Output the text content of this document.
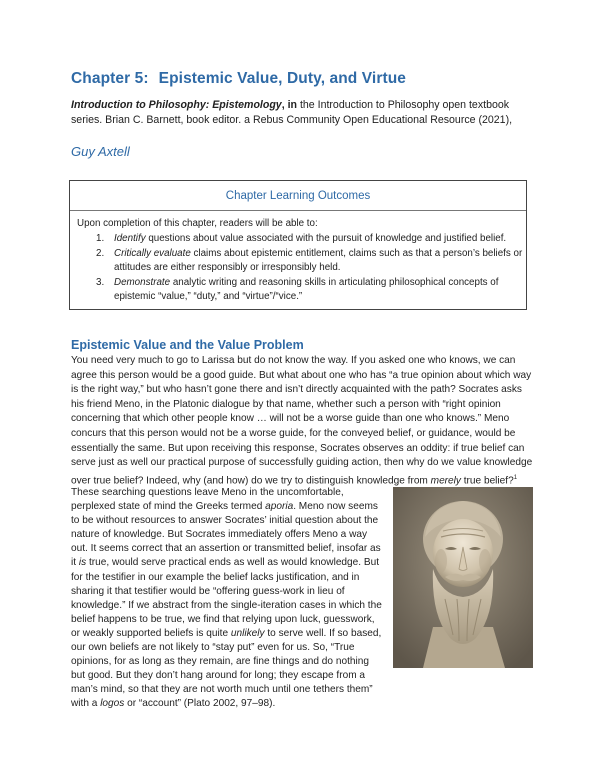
Chapter 5: Epistemic Value, Duty, and Virtue
Introduction to Philosophy: Epistemology, in the Introduction to Philosophy open textbook series. Brian C. Barnett, book editor. a Rebus Community Open Educational Resource (2021),
Guy Axtell
Chapter Learning Outcomes
Upon completion of this chapter, readers will be able to:
1.	Identify questions about value associated with the pursuit of knowledge and justified belief.
2.	Critically evaluate claims about epistemic entitlement, claims such as that a person’s beliefs or attitudes are either responsibly or irresponsibly held.
3.	Demonstrate analytic writing and reasoning skills in articulating philosophical concepts of epistemic “value,” “duty,” and “virtue”/“vice.”
Epistemic Value and the Value Problem
You need very much to go to Larissa but do not know the way. If you asked one who knows, we can agree this person would be a good guide. But what about one who has “a true opinion about which way is the right way,” but who hasn’t gone there and isn’t directly acquainted with the path? Socrates asks his friend Meno, in the Platonic dialogue by that name, whether such a person with “right opinion concerning that which other people know … will not be a worse guide than one who knows.” Meno concurs that this person would not be a worse guide, for the conveyed belief, or guidance, would be essentially the same. But upon receiving this response, Socrates observes an oddity: if true belief can serve just as well our practical purpose of successfully guiding action, then why do we value knowledge over true belief? Indeed, why (and how) do we try to distinguish knowledge from merely true belief?$^1$
These searching questions leave Meno in the uncomfortable, perplexed state of mind the Greeks termed aporia. Meno now seems to be without resources to answer Socrates’ initial question about the nature of knowledge. But Socrates immediately offers Meno a way out. It seems correct that an assertion or transmitted belief, insofar as it is true, would serve practical ends as well as would knowledge. But for the testifier in our example the belief lacks justification, and in sharing it that testifier would be “offering guess-work in lieu of knowledge.” If we abstract from the single-iteration cases in which the belief happens to be true, we find that relying upon luck, guesswork, or weakly supported beliefs is quite unlikely to serve well. If so based, our own beliefs are not likely to “stay put” even for us. So, “True opinions, for as long as they remain, are fine things and do nothing but good. But they don’t hang around for long; they escape from a man’s mind, so that they are not worth much until one tethers them” with a logos or “account” (Plato 2002, 97–98).
